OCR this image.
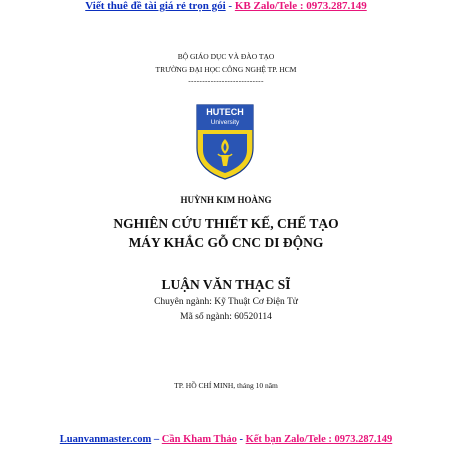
Viết thuê đề tài giá rẻ trọn gói - KB Zalo/Tele : 0973.287.149
BỘ GIÁO DỤC VÀ ĐÀO TẠO
TRƯỜNG ĐẠI HỌC CÔNG NGHỆ TP. HCM
---------------------------
HUTECH
University
HUỲNH KIM HOÀNG
NGHIÊN CỨU THIẾT KẾ, CHẾ TẠO
MÁY KHẮC GỖ CNC DI ĐỘNG
LUẬN VĂN THẠC SĨ
Chuyên ngành: Kỹ Thuật Cơ Điện Tử
Mã số ngành: 60520114
TP. HỒ CHÍ MINH, tháng 10 năm
Luanvanmaster.com – Cần Kham Thảo - Kết bạn Zalo/Tele : 0973.287.149
